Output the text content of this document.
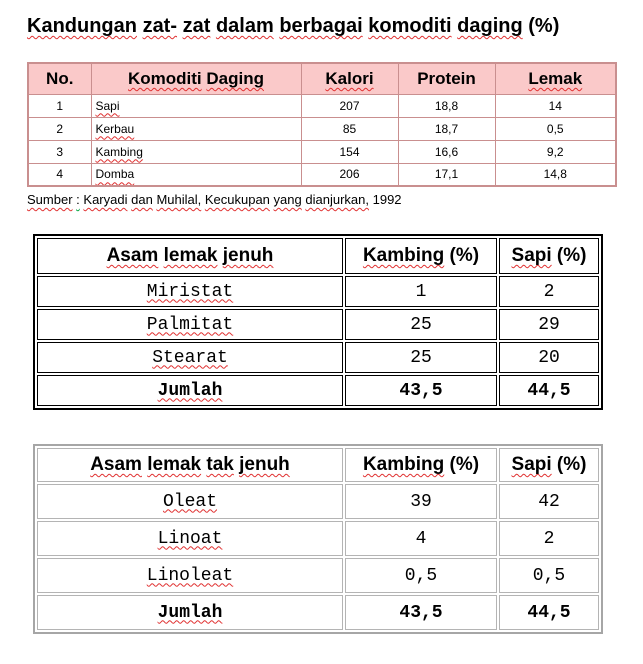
Kandungan zat- zat dalam berbagai komoditi daging (%)
No.	Komoditi Daging	Kalori	Protein	Lemak
1	Sapi	207	18,8	14
2	Kerbau	85	18,7	0,5
3	Kambing	154	16,6	9,2
4	Domba	206	17,1	14,8
Sumber : Karyadi dan Muhilal, Kecukupan yang dianjurkan, 1992
Asam lemak jenuh	Kambing (%)	Sapi (%)
Miristat	1	2
Palmitat	25	29
Stearat	25	20
Jumlah	43,5	44,5
Asam lemak tak jenuh	Kambing (%)	Sapi (%)
Oleat	39	42
Linoat	4	2
Linoleat	0,5	0,5
Jumlah	43,5	44,5
